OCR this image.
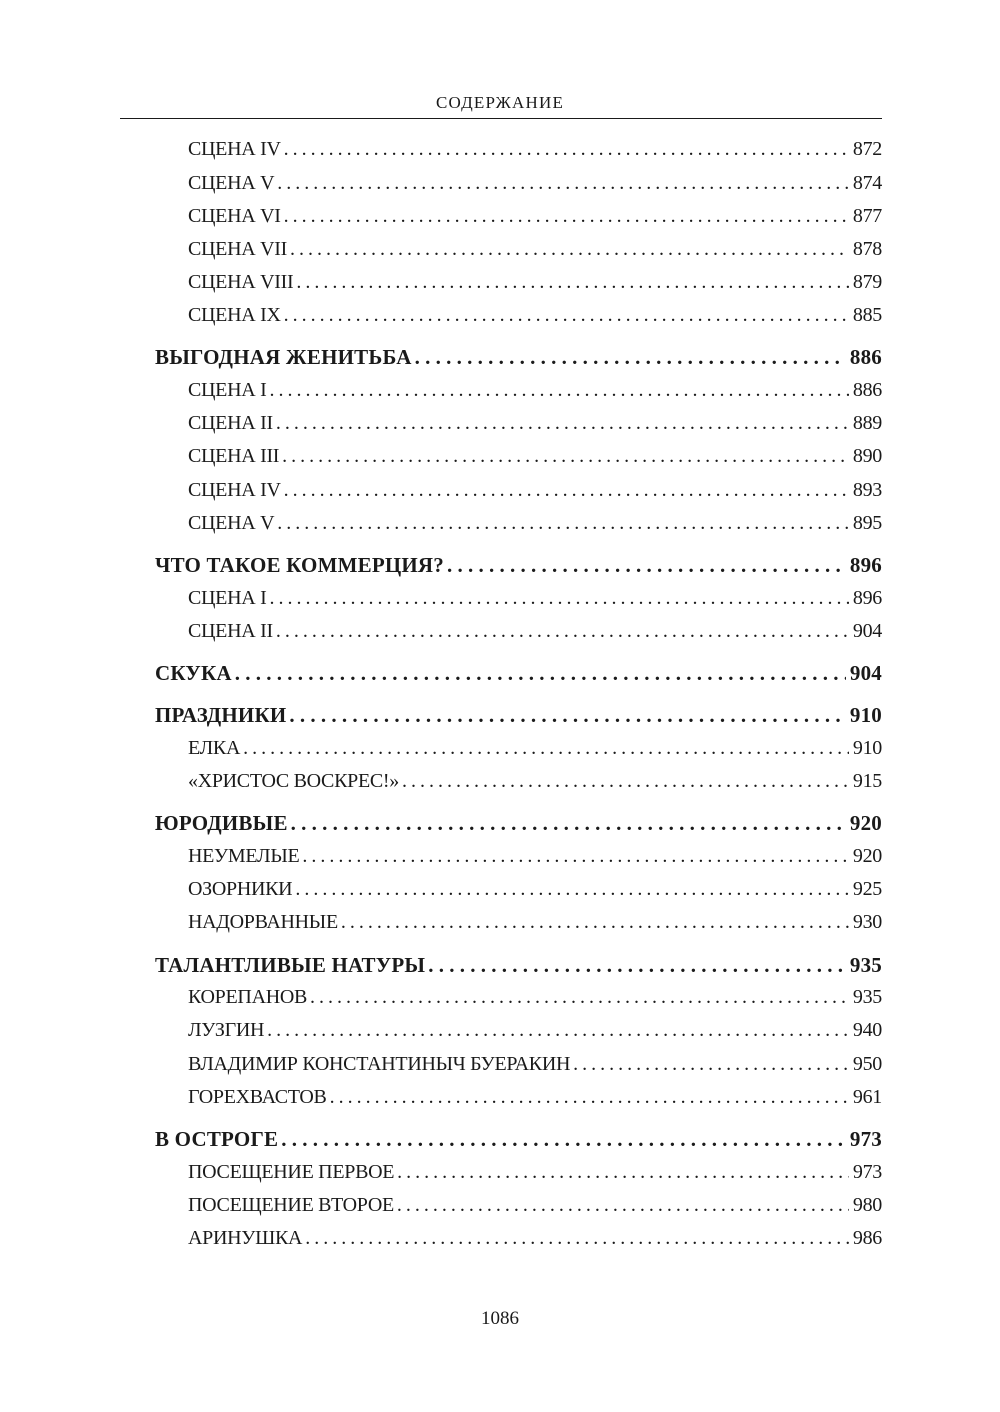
СОДЕРЖАНИЕ
СЦЕНА IV . . .	872
СЦЕНА V . . .	874
СЦЕНА VI . . .	877
СЦЕНА VII . . .	878
СЦЕНА VIII . . .	879
СЦЕНА IX . . .	885
ВЫГОДНАЯ ЖЕНИТЬБА . . .	886
СЦЕНА I . . .	886
СЦЕНА II . . .	889
СЦЕНА III . . .	890
СЦЕНА IV . . .	893
СЦЕНА V . . .	895
ЧТО ТАКОЕ КОММЕРЦИЯ? . . .	896
СЦЕНА I . . .	896
СЦЕНА II . . .	904
СКУКА . . .	904
ПРАЗДНИКИ . . .	910
ЕЛКА . . .	910
«ХРИСТОС ВОСКРЕС!» . . .	915
ЮРОДИВЫЕ . . .	920
НЕУМЕЛЫЕ . . .	920
ОЗОРНИКИ . . .	925
НАДОРВАННЫЕ . . .	930
ТАЛАНТЛИВЫЕ НАТУРЫ . . .	935
КОРЕПАНОВ . . .	935
ЛУЗГИН . . .	940
ВЛАДИМИР КОНСТАНТИНЫЧ БУЕРАКИН . . .	950
ГОРЕХВАСТОВ . . .	961
В ОСТРОГЕ . . .	973
ПОСЕЩЕНИЕ ПЕРВОЕ . . .	973
ПОСЕЩЕНИЕ ВТОРОЕ . . .	980
АРИНУШКА . . .	986
1086
